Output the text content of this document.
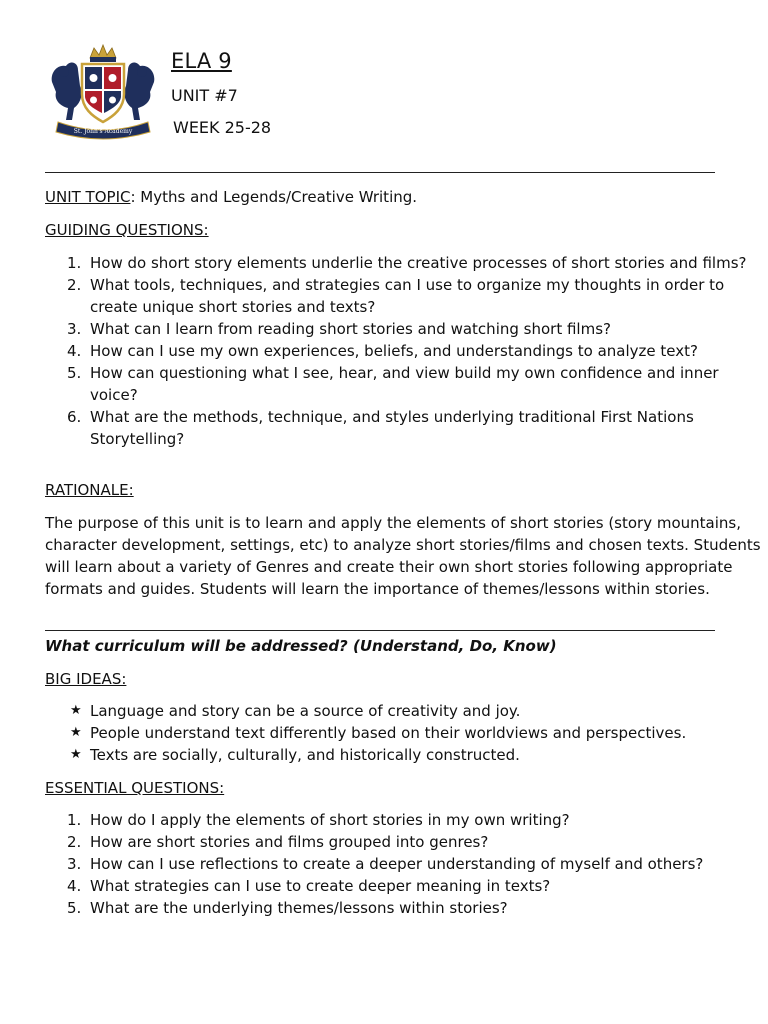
St. John's Academy
ELA 9
UNIT #7
WEEK 25-28
UNIT TOPIC: Myths and Legends/Creative Writing.
GUIDING QUESTIONS:
1. How do short story elements underlie the creative processes of short stories and films?
2. What tools, techniques, and strategies can I use to organize my thoughts in order to
create unique short stories and texts?
3. What can I learn from reading short stories and watching short films?
4. How can I use my own experiences, beliefs, and understandings to analyze text?
5. How can questioning what I see, hear, and view build my own confidence and inner
voice?
6. What are the methods, technique, and styles underlying traditional First Nations
Storytelling?
RATIONALE:
The purpose of this unit is to learn and apply the elements of short stories (story mountains,
character development, settings, etc) to analyze short stories/films and chosen texts. Students
will learn about a variety of Genres and create their own short stories following appropriate
formats and guides. Students will learn the importance of themes/lessons within stories.
What curriculum will be addressed? (Understand, Do, Know)
BIG IDEAS:
★ Language and story can be a source of creativity and joy.
★ People understand text differently based on their worldviews and perspectives.
★ Texts are socially, culturally, and historically constructed.
ESSENTIAL QUESTIONS:
1. How do I apply the elements of short stories in my own writing?
2. How are short stories and films grouped into genres?
3. How can I use reflections to create a deeper understanding of myself and others?
4. What strategies can I use to create deeper meaning in texts?
5. What are the underlying themes/lessons within stories?
